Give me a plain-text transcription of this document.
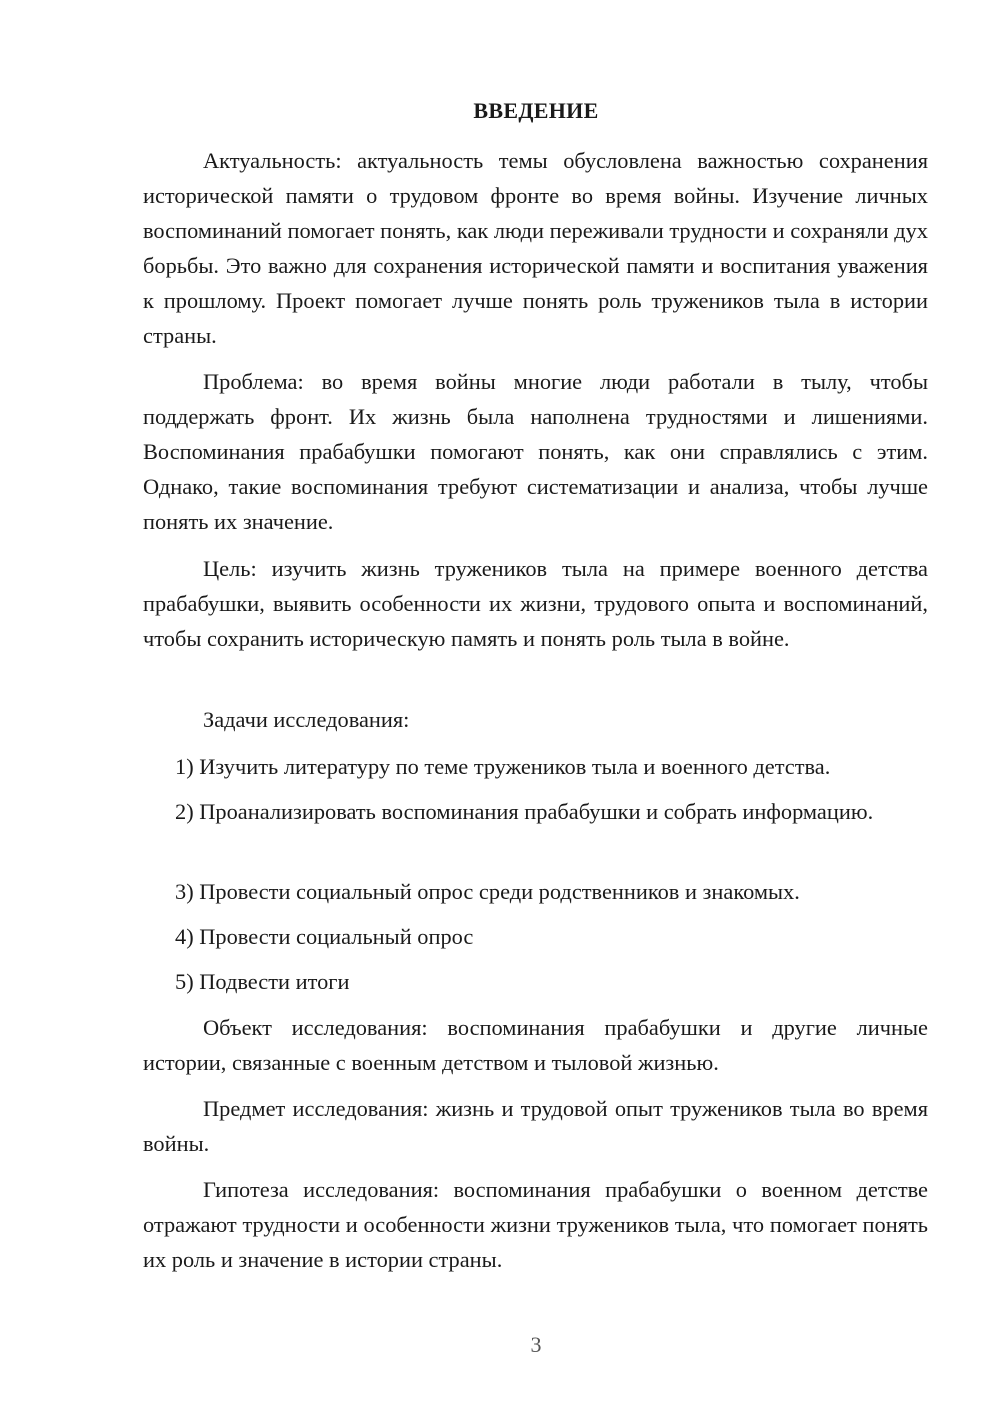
ВВЕДЕНИЕ

Актуальность: актуальность темы обусловлена важностью сохранения исторической памяти о трудовом фронте во время войны. Изучение личных воспоминаний помогает понять, как люди переживали трудности и сохраняли дух борьбы. Это важно для сохранения исторической памяти и воспитания уважения к прошлому. Проект помогает лучше понять роль тружеников тыла в истории страны.

Проблема: во время войны многие люди работали в тылу, чтобы поддержать фронт. Их жизнь была наполнена трудностями и лишениями. Воспоминания прабабушки помогают понять, как они справлялись с этим. Однако, такие воспоминания требуют систематизации и анализа, чтобы лучше понять их значение.

Цель: изучить жизнь тружеников тыла на примере военного детства прабабушки, выявить особенности их жизни, трудового опыта и воспоминаний, чтобы сохранить историческую память и понять роль тыла в войне.

Задачи исследования:

1) Изучить литературу по теме тружеников тыла и военного детства.

2) Проанализировать воспоминания прабабушки и собрать информацию.

3) Провести социальный опрос среди родственников и знакомых.

4) Провести социальный опрос

5) Подвести итоги

Объект исследования: воспоминания прабабушки и другие личные истории, связанные с военным детством и тыловой жизнью.

Предмет исследования: жизнь и трудовой опыт тружеников тыла во время войны.

Гипотеза исследования: воспоминания прабабушки о военном детстве отражают трудности и особенности жизни тружеников тыла, что помогает понять их роль и значение в истории страны.

3
